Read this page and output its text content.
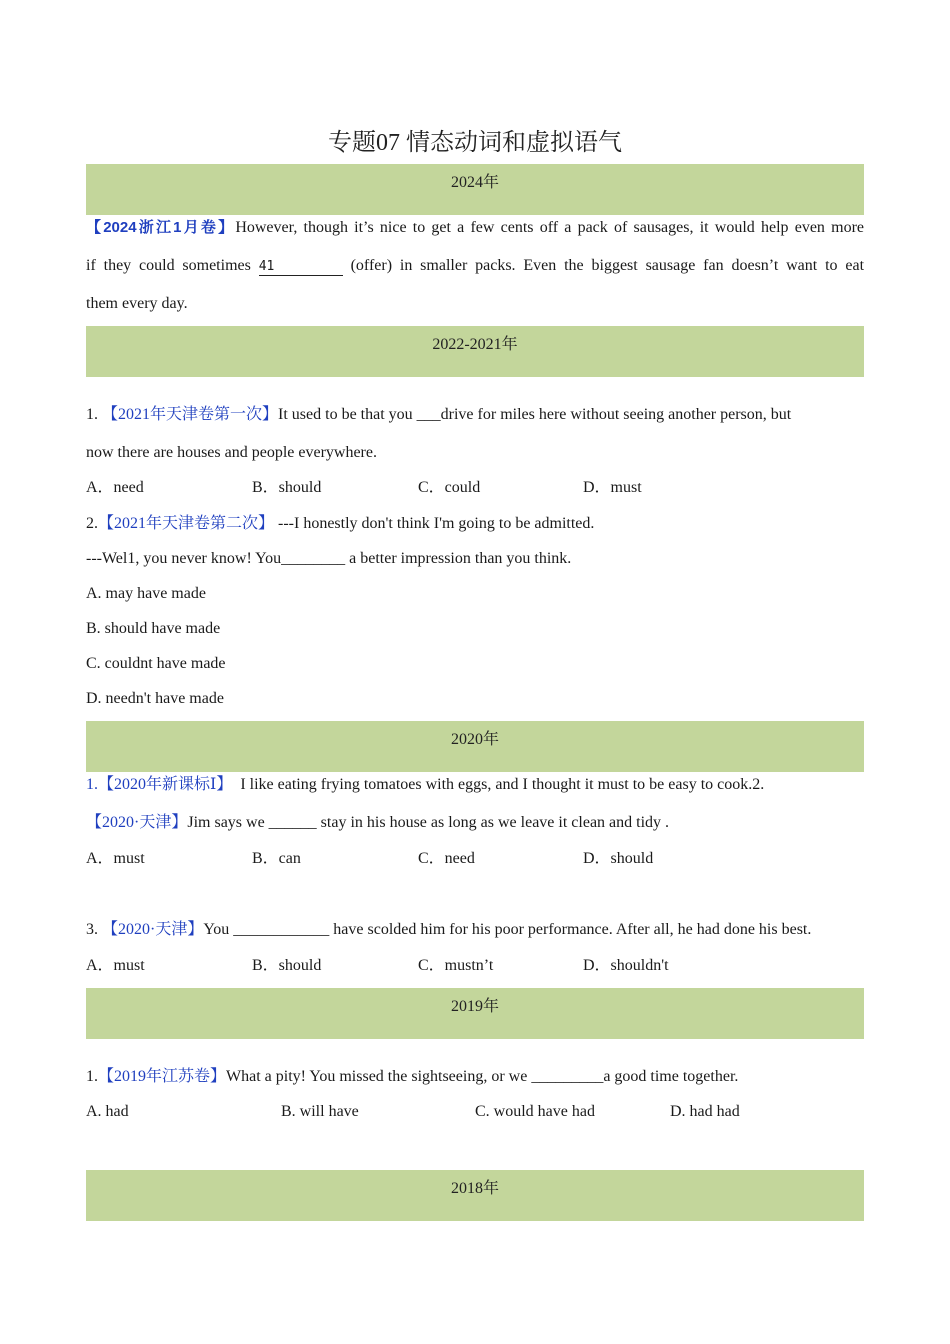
专题07 情态动词和虚拟语气
2024年
【2024浙江1月卷】However, though it’s nice to get a few cents off a pack of sausages, it would help even more
if they could sometimes 41	(offer) in smaller packs. Even the biggest sausage fan doesn’t want to eat
them every day.
2022-2021年
1. 【2021年天津卷第一次】It used to be that you ___drive for miles here without seeing another person, but
now there are houses and people everywhere.
A．need	B．should	C．could	D．must
2.【2021年天津卷第二次】 ---I honestly don't think I'm going to be admitted.
---Wel1, you never know! You________ a better impression than you think.
A. may have made
B. should have made
C. couldnt have made
D. needn't have made
2020年
1.【2020年新课标Ⅰ】 I like eating frying tomatoes with eggs, and I thought it must to be easy to cook.2.
【2020·天津】Jim says we ______ stay in his house as long as we leave it clean and tidy .
A．must	B．can	C．need	D．should
3. 【2020·天津】You ____________ have scolded him for his poor performance. After all, he had done his best.
A．must	B．should	C．mustn’t	D．shouldn't
2019年
1.【2019年江苏卷】What a pity! You missed the sightseeing, or we _________a good time together.
A. had	B. will have	C. would have had	D. had had
2018年
